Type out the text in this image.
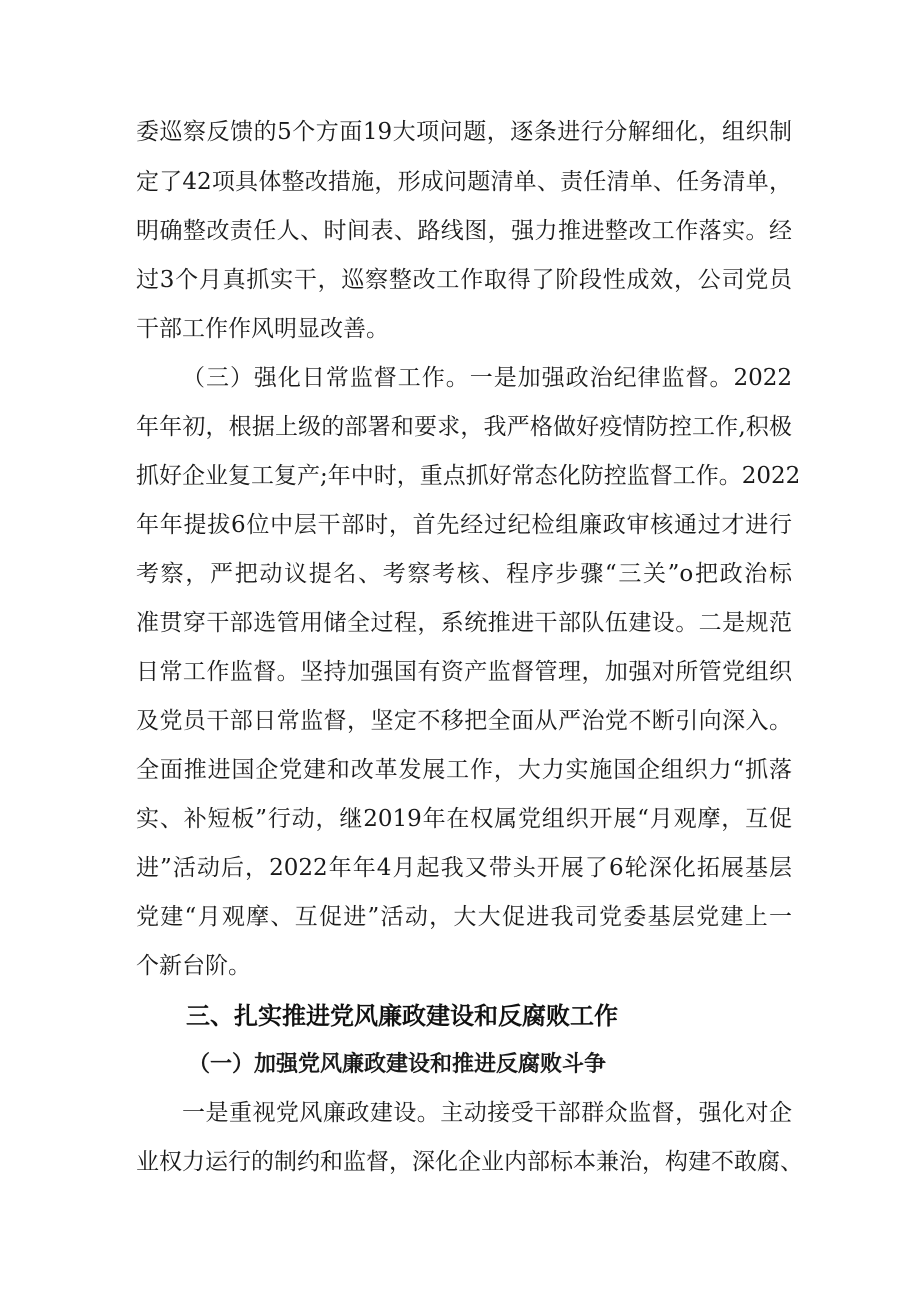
委巡察反馈的5个方面19大项问题，逐条进行分解细化，组织制

定了42项具体整改措施，形成问题清单、责任清单、任务清单，

明确整改责任人、时间表、路线图，强力推进整改工作落实。经

过3个月真抓实干，巡察整改工作取得了阶段性成效，公司党员

干部工作作风明显改善。

（三）强化日常监督工作。一是加强政治纪律监督。2022

年年初，根据上级的部署和要求，我严格做好疫情防控工作,积极

抓好企业复工复产;年中时，重点抓好常态化防控监督工作。2022

年年提拔6位中层干部时，首先经过纪检组廉政审核通过才进行

考察，严把动议提名、考察考核、程序步骤“三关”o把政治标

准贯穿干部选管用储全过程，系统推进干部队伍建设。二是规范

日常工作监督。坚持加强国有资产监督管理，加强对所管党组织

及党员干部日常监督，坚定不移把全面从严治党不断引向深入。

全面推进国企党建和改革发展工作，大力实施国企组织力“抓落

实、补短板”行动，继2019年在权属党组织开展“月观摩，互促

进”活动后，2022年年4月起我又带头开展了6轮深化拓展基层

党建“月观摩、互促进”活动，大大促进我司党委基层党建上一

个新台阶。

三、扎实推进党风廉政建设和反腐败工作
（一）加强党风廉政建设和推进反腐败斗争

一是重视党风廉政建设。主动接受干部群众监督，强化对企

业权力运行的制约和监督，深化企业内部标本兼治，构建不敢腐、
